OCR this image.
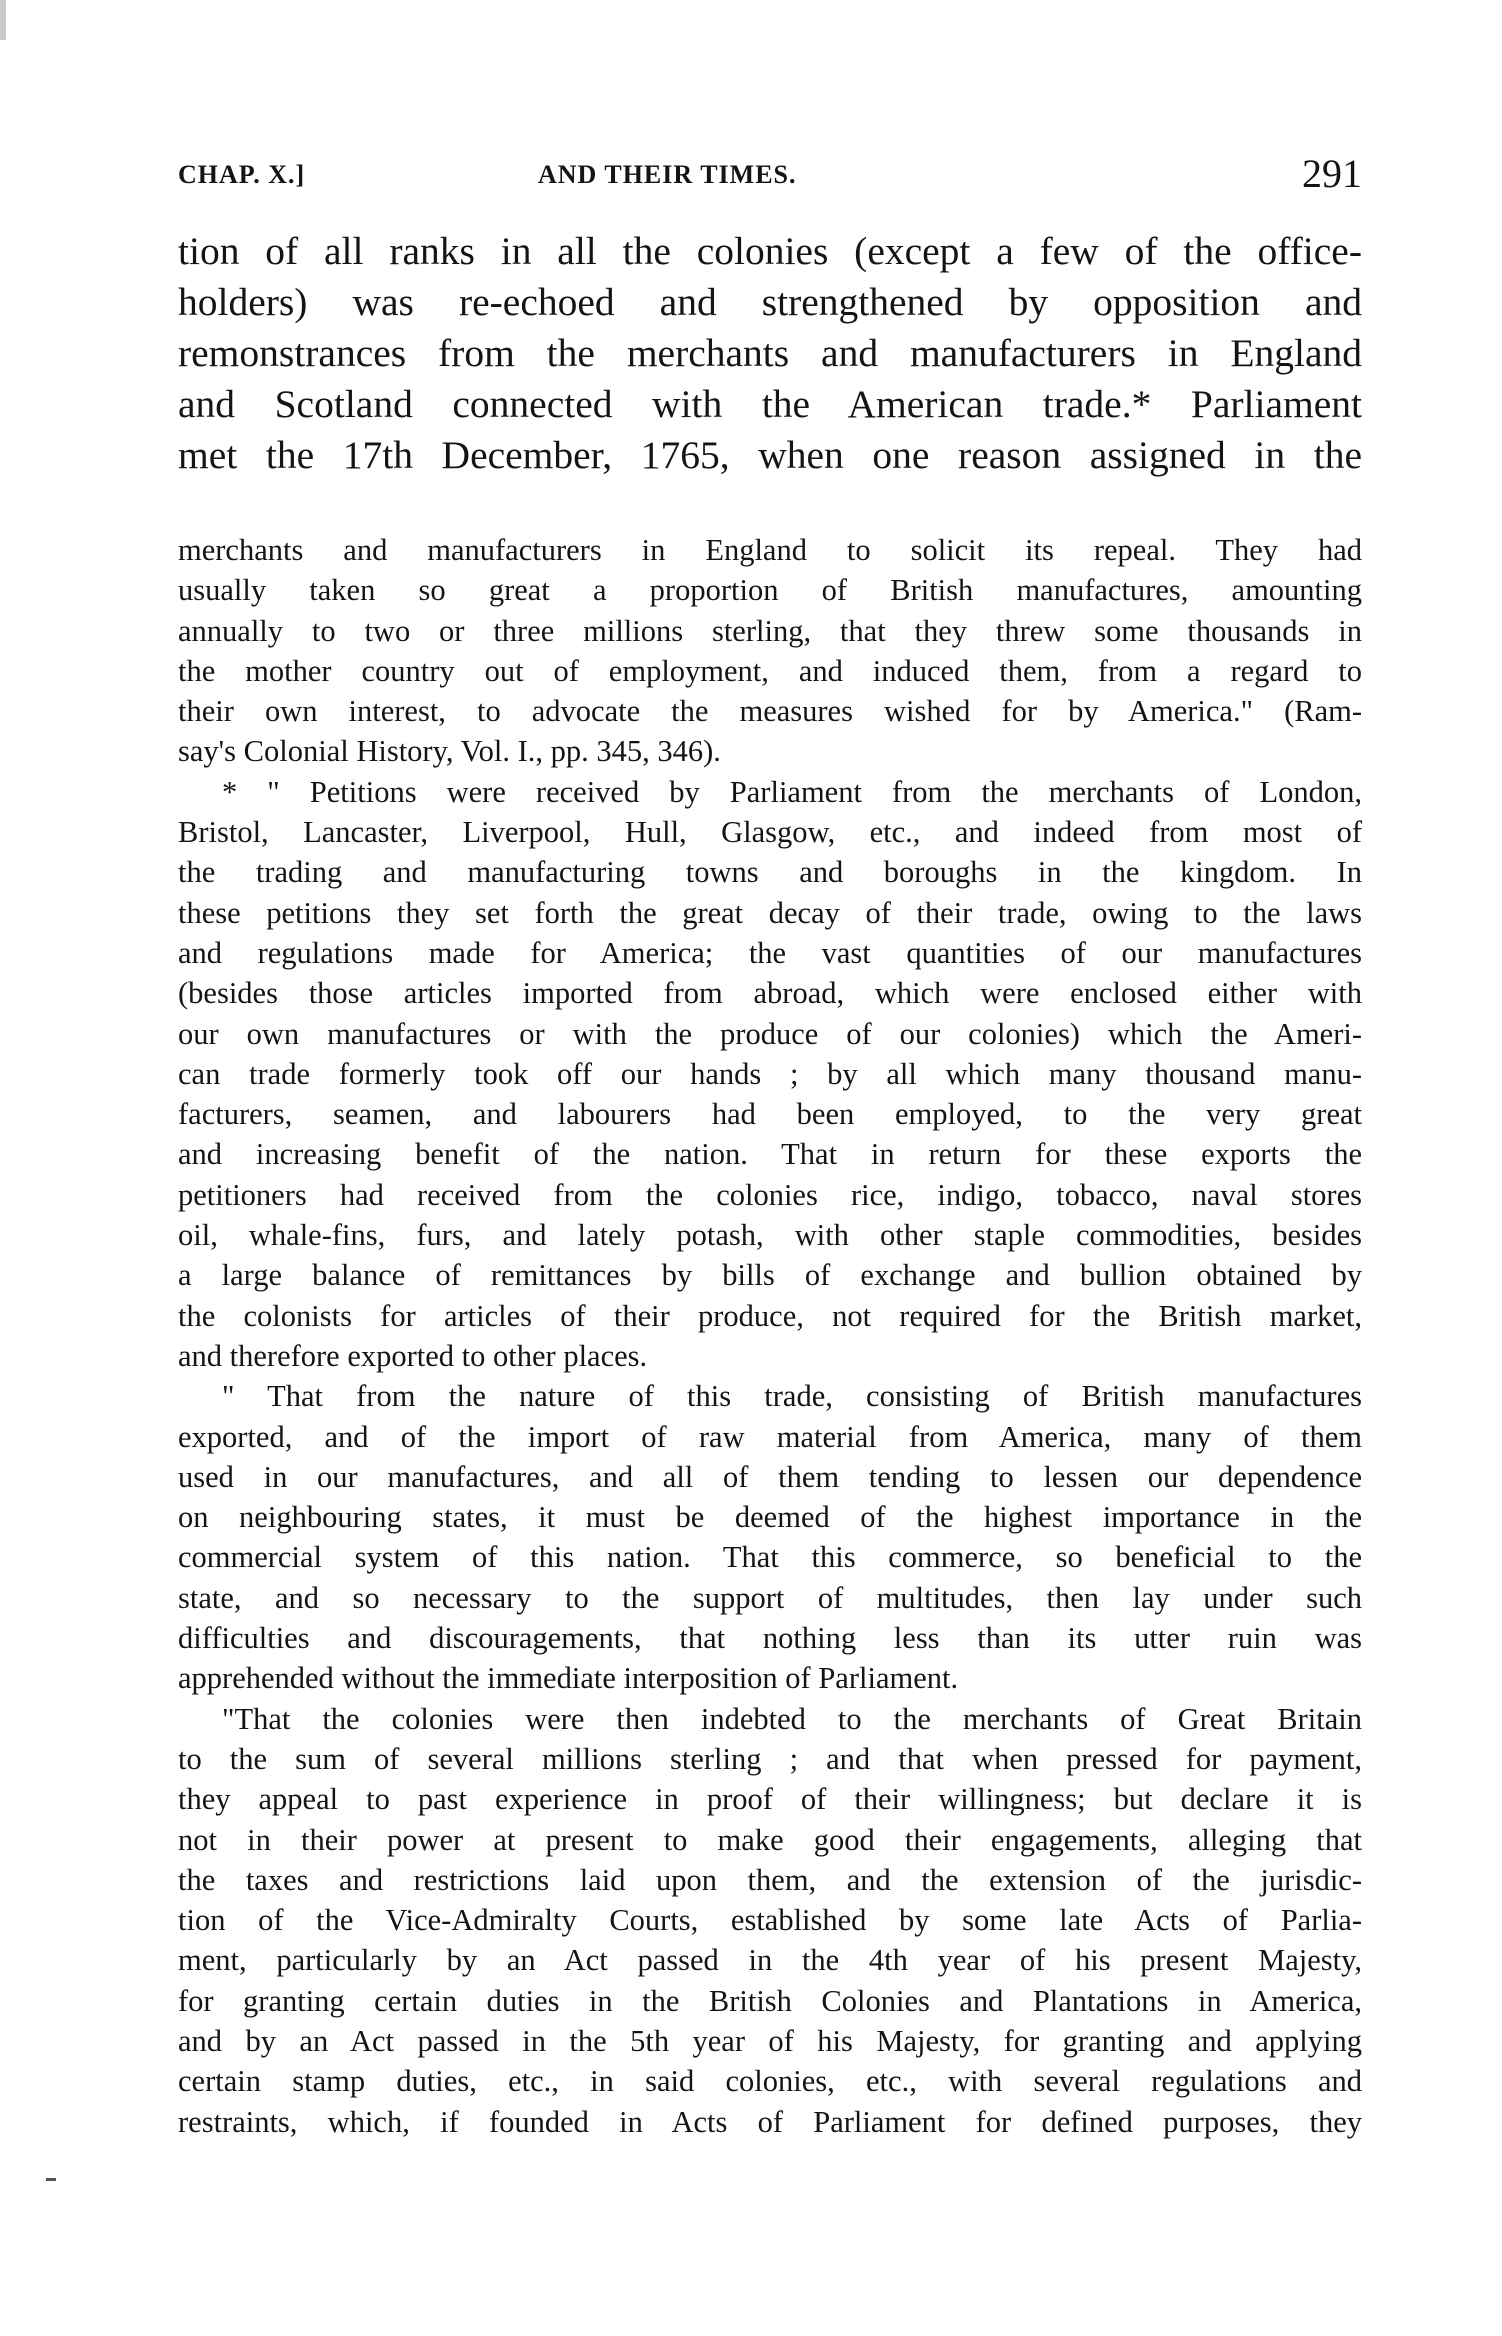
CHAP. X.]	AND THEIR TIMES.	291
tion of all ranks in all the colonies (except a few of the office-
holders) was re-echoed and strengthened by opposition and
remonstrances from the merchants and manufacturers in England
and Scotland connected with the American trade.* Parliament
met the 17th December, 1765, when one reason assigned in the
merchants and manufacturers in England to solicit its repeal. They had
usually taken so great a proportion of British manufactures, amounting
annually to two or three millions sterling, that they threw some thousands in
the mother country out of employment, and induced them, from a regard to
their own interest, to advocate the measures wished for by America." (Ram-
say's Colonial History, Vol. I., pp. 345, 346).
* " Petitions were received by Parliament from the merchants of London,
Bristol, Lancaster, Liverpool, Hull, Glasgow, etc., and indeed from most of
the trading and manufacturing towns and boroughs in the kingdom. In
these petitions they set forth the great decay of their trade, owing to the laws
and regulations made for America; the vast quantities of our manufactures
(besides those articles imported from abroad, which were enclosed either with
our own manufactures or with the produce of our colonies) which the Ameri-
can trade formerly took off our hands ; by all which many thousand manu-
facturers, seamen, and labourers had been employed, to the very great
and increasing benefit of the nation. That in return for these exports the
petitioners had received from the colonies rice, indigo, tobacco, naval stores
oil, whale-fins, furs, and lately potash, with other staple commodities, besides
a large balance of remittances by bills of exchange and bullion obtained by
the colonists for articles of their produce, not required for the British market,
and therefore exported to other places.
" That from the nature of this trade, consisting of British manufactures
exported, and of the import of raw material from America, many of them
used in our manufactures, and all of them tending to lessen our dependence
on neighbouring states, it must be deemed of the highest importance in the
commercial system of this nation. That this commerce, so beneficial to the
state, and so necessary to the support of multitudes, then lay under such
difficulties and discouragements, that nothing less than its utter ruin was
apprehended without the immediate interposition of Parliament.
"That the colonies were then indebted to the merchants of Great Britain
to the sum of several millions sterling ; and that when pressed for payment,
they appeal to past experience in proof of their willingness; but declare it is
not in their power at present to make good their engagements, alleging that
the taxes and restrictions laid upon them, and the extension of the jurisdic-
tion of the Vice-Admiralty Courts, established by some late Acts of Parlia-
ment, particularly by an Act passed in the 4th year of his present Majesty,
for granting certain duties in the British Colonies and Plantations in America,
and by an Act passed in the 5th year of his Majesty, for granting and applying
certain stamp duties, etc., in said colonies, etc., with several regulations and
restraints, which, if founded in Acts of Parliament for defined purposes, they
